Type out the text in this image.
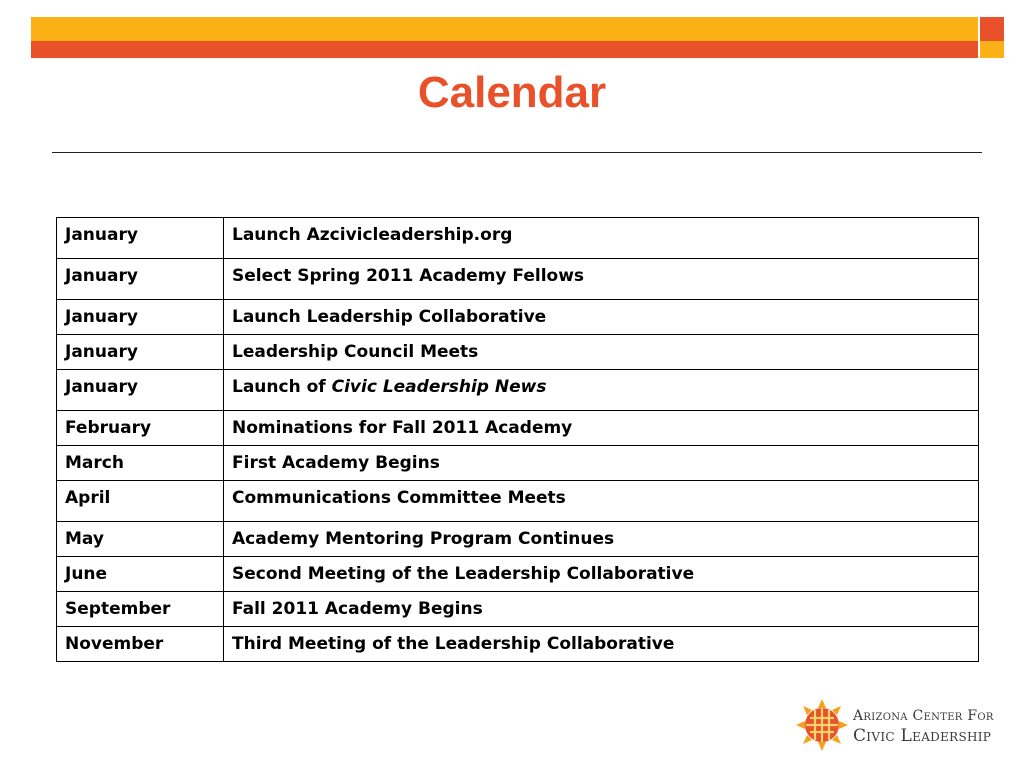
Calendar
January	Launch Azcivicleadership.org
January	Select Spring 2011 Academy Fellows
January	Launch Leadership Collaborative
January	Leadership Council Meets
January	Launch of Civic Leadership News
February	Nominations for Fall 2011 Academy
March	First Academy Begins
April	Communications Committee Meets
May	Academy Mentoring Program Continues
June	Second Meeting of the Leadership Collaborative
September	Fall 2011 Academy Begins
November	Third Meeting of the Leadership Collaborative
Arizona Center For
Civic Leadership
